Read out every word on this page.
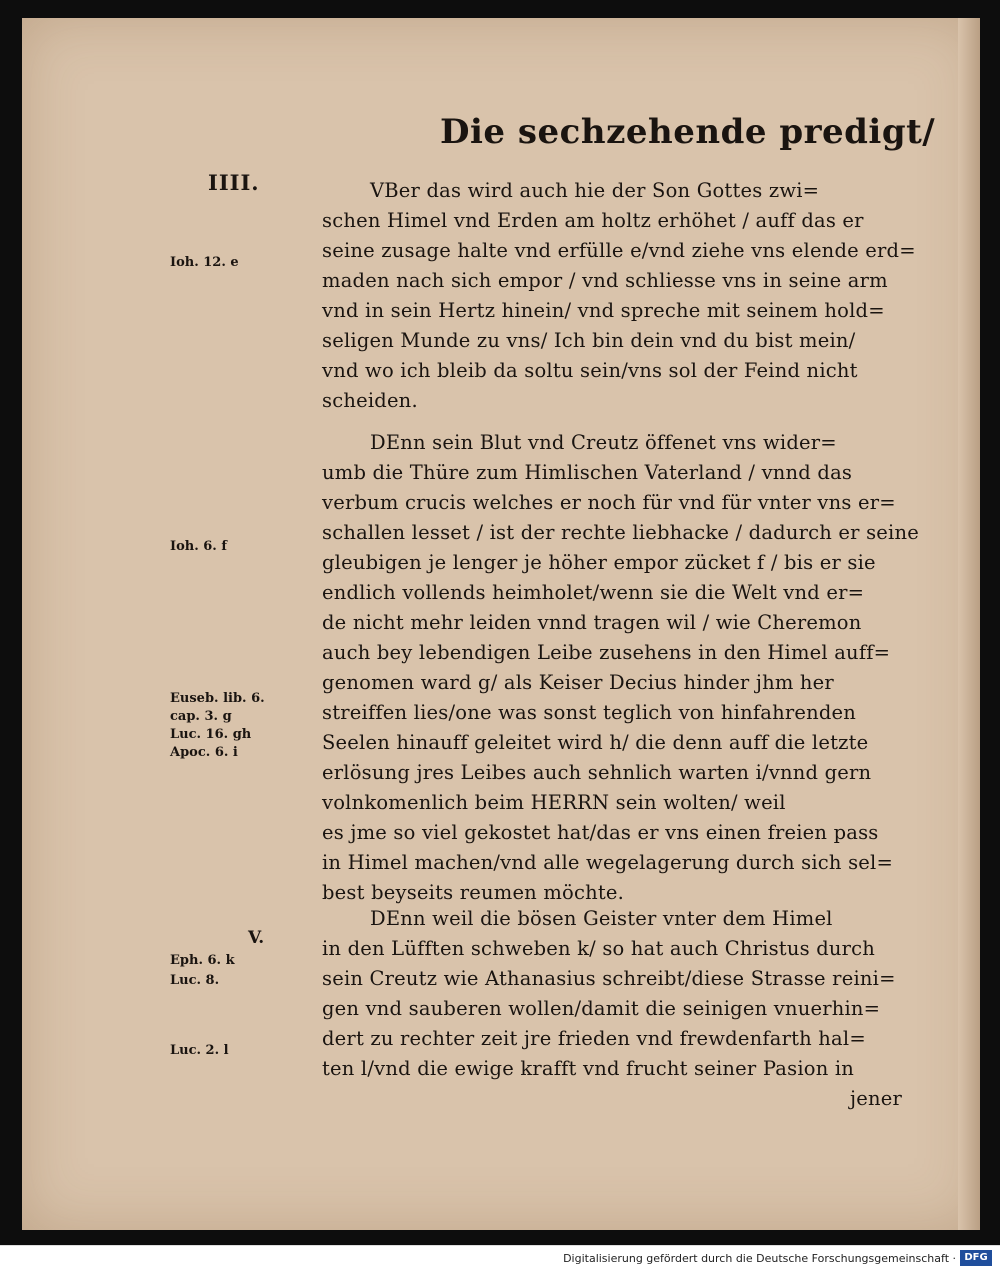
Die sechzehende predigt/
IIII.
Ioh. 12. e
Ioh. 6. f
Euseb. lib. 6.
cap. 3. g
Luc. 16. gh
Apoc. 6. i
V.
Eph. 6. k
Luc. 8.
Luc. 2. l
VBer das wird auch hie der Son Gottes zwi=
schen Himel vnd Erden am holtz erhöhet / auff das er
seine zusage halte vnd erfülle e/vnd ziehe vns elende erd=
maden nach sich empor / vnd schliesse vns in seine arm
vnd in sein Hertz hinein/ vnd spreche mit seinem hold=
seligen Munde zu vns/ Ich bin dein vnd du bist mein/
vnd wo ich bleib da soltu sein/vns sol der Feind nicht
scheiden.
DEnn sein Blut vnd Creutz öffenet vns wider=
umb die Thüre zum Himlischen Vaterland / vnnd das
verbum crucis welches er noch für vnd für vnter vns er=
schallen lesset / ist der rechte liebhacke / dadurch er seine
gleubigen je lenger je höher empor zücket f / bis er sie
endlich vollends heimholet/wenn sie die Welt vnd er=
de nicht mehr leiden vnnd tragen wil / wie Cheremon
auch bey lebendigen Leibe zusehens in den Himel auff=
genomen ward g/ als Keiser Decius hinder jhm her
streiffen lies/one was sonst teglich von hinfahrenden
Seelen hinauff geleitet wird h/ die denn auff die letzte
erlösung jres Leibes auch sehnlich warten i/vnnd gern
volnkomenlich beim HERRN sein wolten/ weil
es jme so viel gekostet hat/das er vns einen freien pass
in Himel machen/vnd alle wegelagerung durch sich sel=
best beyseits reumen möchte.
DEnn weil die bösen Geister vnter dem Himel
in den Lüfften schweben k/ so hat auch Christus durch
sein Creutz wie Athanasius schreibt/diese Strasse reini=
gen vnd sauberen wollen/damit die seinigen vnuerhin=
dert zu rechter zeit jre frieden vnd frewdenfarth hal=
ten l/vnd die ewige krafft vnd frucht seiner Pasion in
jener
Digitalisierung gefördert durch die Deutsche Forschungsgemeinschaft · DFG
